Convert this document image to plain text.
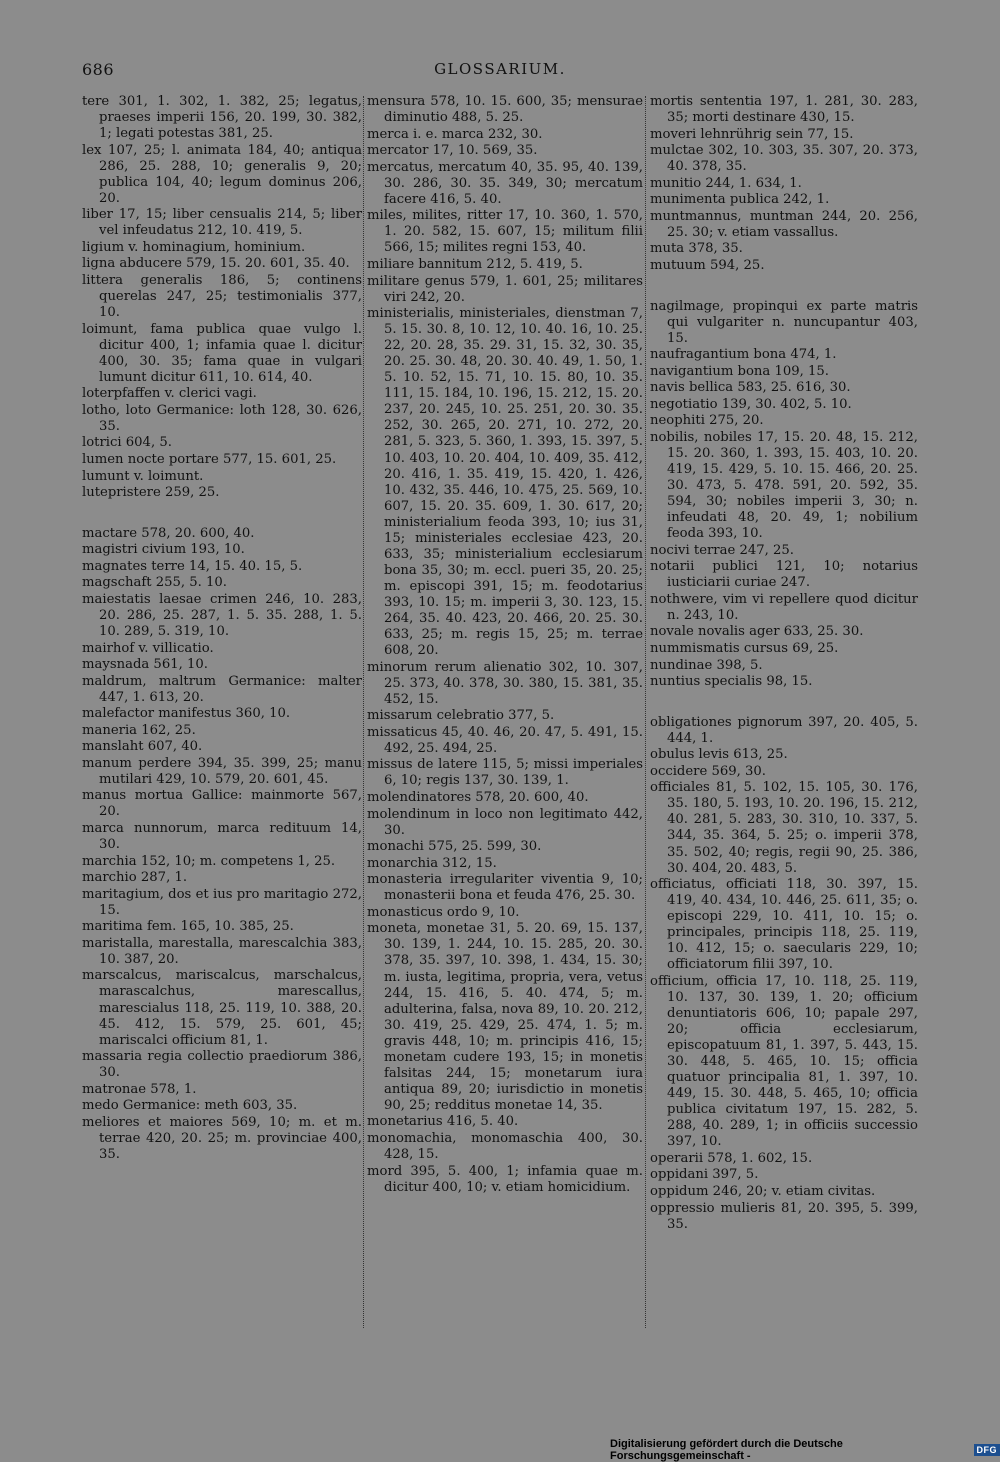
686	GLOSSARIUM.
tere 301, 1. 302, 1. 382, 25; legatus, praeses imperii 156, 20. 199, 30. 382, 1; legati potestas 381, 25.
lex 107, 25; l. animata 184, 40; antiqua 286, 25. 288, 10; generalis 9, 20; publica 104, 40; legum dominus 206, 20.
liber 17, 15; liber censualis 214, 5; liber vel infeudatus 212, 10. 419, 5.
ligium v. hominagium, hominium.
ligna abducere 579, 15. 20. 601, 35. 40.
littera generalis 186, 5; continens querelas 247, 25; testimonialis 377, 10.
loimunt, fama publica quae vulgo l. dicitur 400, 1; infamia quae l. dicitur 400, 30. 35; fama quae in vulgari lumunt dicitur 611, 10. 614, 40.
loterpfaffen v. clerici vagi.
lotho, loto Germanice: loth 128, 30. 626, 35.
lotrici 604, 5.
lumen nocte portare 577, 15. 601, 25.
lumunt v. loimunt.
lutepristere 259, 25.
mactare 578, 20. 600, 40.
magistri civium 193, 10.
magnates terre 14, 15. 40. 15, 5.
magschaft 255, 5. 10.
maiestatis laesae crimen 246, 10. 283, 20. 286, 25. 287, 1. 5. 35. 288, 1. 5. 10. 289, 5. 319, 10.
mairhof v. villicatio.
maysnada 561, 10.
maldrum, maltrum Germanice: malter 447, 1. 613, 20.
malefactor manifestus 360, 10.
maneria 162, 25.
manslaht 607, 40.
manum perdere 394, 35. 399, 25; manu mutilari 429, 10. 579, 20. 601, 45.
manus mortua Gallice: mainmorte 567, 20.
marca nunnorum, marca redituum 14, 30.
marchia 152, 10; m. competens 1, 25.
marchio 287, 1.
maritagium, dos et ius pro maritagio 272, 15.
maritima fem. 165, 10. 385, 25.
maristalla, marestalla, marescalchia 383, 10. 387, 20.
marscalcus, mariscalcus, marschalcus, marascalchus, marescallus, marescialus 118, 25. 119, 10. 388, 20. 45. 412, 15. 579, 25. 601, 45; mariscalci officium 81, 1.
massaria regia collectio praediorum 386, 30.
matronae 578, 1.
medo Germanice: meth 603, 35.
meliores et maiores 569, 10; m. et m. terrae 420, 20. 25; m. provinciae 400, 35.
mensura 578, 10. 15. 600, 35; mensurae diminutio 488, 5. 25.
merca i. e. marca 232, 30.
mercator 17, 10. 569, 35.
mercatus, mercatum 40, 35. 95, 40. 139, 30. 286, 30. 35. 349, 30; mercatum facere 416, 5. 40.
miles, milites, ritter 17, 10. 360, 1. 570, 1. 20. 582, 15. 607, 15; militum filii 566, 15; milites regni 153, 40.
miliare bannitum 212, 5. 419, 5.
militare genus 579, 1. 601, 25; militares viri 242, 20.
ministerialis, ministeriales, dienstman 7, 5. 15. 30. 8, 10. 12, 10. 40. 16, 10. 25. 22, 20. 28, 35. 29. 31, 15. 32, 30. 35, 20. 25. 30. 48, 20. 30. 40. 49, 1. 50, 1. 5. 10. 52, 15. 71, 10. 15. 80, 10. 35. 111, 15. 184, 10. 196, 15. 212, 15. 20. 237, 20. 245, 10. 25. 251, 20. 30. 35. 252, 30. 265, 20. 271, 10. 272, 20. 281, 5. 323, 5. 360, 1. 393, 15. 397, 5. 10. 403, 10. 20. 404, 10. 409, 35. 412, 20. 416, 1. 35. 419, 15. 420, 1. 426, 10. 432, 35. 446, 10. 475, 25. 569, 10. 607, 15. 20. 35. 609, 1. 30. 617, 20; ministerialium feoda 393, 10; ius 31, 15; ministeriales ecclesiae 423, 20. 633, 35; ministerialium ecclesiarum bona 35, 30; m. eccl. pueri 35, 20. 25; m. episcopi 391, 15; m. feodotarius 393, 10. 15; m. imperii 3, 30. 123, 15. 264, 35. 40. 423, 20. 466, 20. 25. 30. 633, 25; m. regis 15, 25; m. terrae 608, 20.
minorum rerum alienatio 302, 10. 307, 25. 373, 40. 378, 30. 380, 15. 381, 35. 452, 15.
missarum celebratio 377, 5.
missaticus 45, 40. 46, 20. 47, 5. 491, 15. 492, 25. 494, 25.
missus de latere 115, 5; missi imperiales 6, 10; regis 137, 30. 139, 1.
molendinatores 578, 20. 600, 40.
molendinum in loco non legitimato 442, 30.
monachi 575, 25. 599, 30.
monarchia 312, 15.
monasteria irregulariter viventia 9, 10; monasterii bona et feuda 476, 25. 30.
monasticus ordo 9, 10.
moneta, monetae 31, 5. 20. 69, 15. 137, 30. 139, 1. 244, 10. 15. 285, 20. 30. 378, 35. 397, 10. 398, 1. 434, 15. 30; m. iusta, legitima, propria, vera, vetus 244, 15. 416, 5. 40. 474, 5; m. adulterina, falsa, nova 89, 10. 20. 212, 30. 419, 25. 429, 25. 474, 1. 5; m. gravis 448, 10; m. principis 416, 15; monetam cudere 193, 15; in monetis falsitas 244, 15; monetarum iura antiqua 89, 20; iurisdictio in monetis 90, 25; redditus monetae 14, 35.
monetarius 416, 5. 40.
monomachia, monomaschia 400, 30. 428, 15.
mord 395, 5. 400, 1; infamia quae m. dicitur 400, 10; v. etiam homicidium.
mortis sententia 197, 1. 281, 30. 283, 35; morti destinare 430, 15.
moveri lehnrührig sein 77, 15.
mulctae 302, 10. 303, 35. 307, 20. 373, 40. 378, 35.
munitio 244, 1. 634, 1.
munimenta publica 242, 1.
muntmannus, muntman 244, 20. 256, 25. 30; v. etiam vassallus.
muta 378, 35.
mutuum 594, 25.
nagilmage, propinqui ex parte matris qui vulgariter n. nuncupantur 403, 15.
naufragantium bona 474, 1.
navigantium bona 109, 15.
navis bellica 583, 25. 616, 30.
negotiatio 139, 30. 402, 5. 10.
neophiti 275, 20.
nobilis, nobiles 17, 15. 20. 48, 15. 212, 15. 20. 360, 1. 393, 15. 403, 10. 20. 419, 15. 429, 5. 10. 15. 466, 20. 25. 30. 473, 5. 478. 591, 20. 592, 35. 594, 30; nobiles imperii 3, 30; n. infeudati 48, 20. 49, 1; nobilium feoda 393, 10.
nocivi terrae 247, 25.
notarii publici 121, 10; notarius iusticiarii curiae 247.
nothwere, vim vi repellere quod dicitur n. 243, 10.
novale novalis ager 633, 25. 30.
nummismatis cursus 69, 25.
nundinae 398, 5.
nuntius specialis 98, 15.
obligationes pignorum 397, 20. 405, 5. 444, 1.
obulus levis 613, 25.
occidere 569, 30.
officiales 81, 5. 102, 15. 105, 30. 176, 35. 180, 5. 193, 10. 20. 196, 15. 212, 40. 281, 5. 283, 30. 310, 10. 337, 5. 344, 35. 364, 5. 25; o. imperii 378, 35. 502, 40; regis, regii 90, 25. 386, 30. 404, 20. 483, 5.
officiatus, officiati 118, 30. 397, 15. 419, 40. 434, 10. 446, 25. 611, 35; o. episcopi 229, 10. 411, 10. 15; o. principales, principis 118, 25. 119, 10. 412, 15; o. saecularis 229, 10; officiatorum filii 397, 10.
officium, officia 17, 10. 118, 25. 119, 10. 137, 30. 139, 1. 20; officium denuntiatoris 606, 10; papale 297, 20; officia ecclesiarum, episcopatuum 81, 1. 397, 5. 443, 15. 30. 448, 5. 465, 10. 15; officia quatuor principalia 81, 1. 397, 10. 449, 15. 30. 448, 5. 465, 10; officia publica civitatum 197, 15. 282, 5. 288, 40. 289, 1; in officiis successio 397, 10.
operarii 578, 1. 602, 15.
oppidani 397, 5.
oppidum 246, 20; v. etiam civitas.
oppressio mulieris 81, 20. 395, 5. 399, 35.
Digitalisierung gefördert durch die Deutsche Forschungsgemeinschaft -	DFG
